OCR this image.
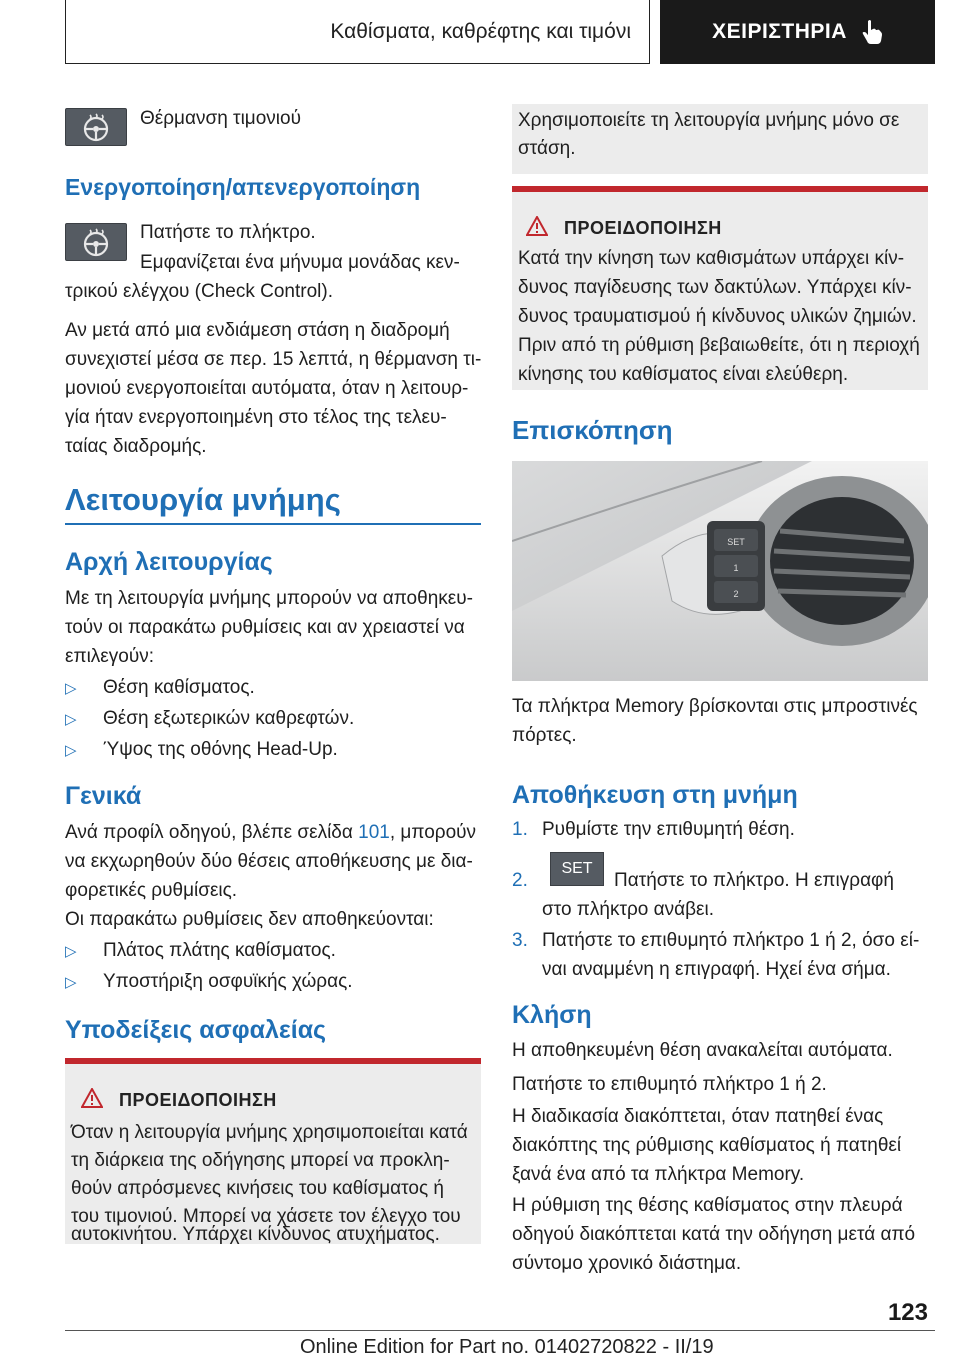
Καθίσματα, καθρέφτης και τιμόνι	ΧΕΙΡΙΣΤΗΡΙΑ

Θέρμανση τιμονιού

Ενεργοποίηση/απενεργοποίηση

Πατήστε το πλήκτρο.

Εμφανίζεται ένα μήνυμα μονάδας κεν‐

τρικού ελέγχου (Check Control).

Αν μετά από μια ενδιάμεση στάση η διαδρομή

συνεχιστεί μέσα σε περ. 15 λεπτά, η θέρμανση τι‐

μονιού ενεργοποιείται αυτόματα, όταν η λειτουρ‐

γία ήταν ενεργοποιημένη στο τέλος της τελευ‐

ταίας διαδρομής.

Λειτουργία μνήμης
Αρχή λειτουργίας

Με τη λειτουργία μνήμης μπορούν να αποθηκευ‐

τούν οι παρακάτω ρυθμίσεις και αν χρειαστεί να

επιλεγούν:

▷ Θέση καθίσματος.
▷ Θέση εξωτερικών καθρεφτών.
▷ Ύψος της οθόνης Head-Up.
Γενικά

Ανά προφίλ οδηγού, βλέπε σελίδα 101, μπορούν

να εκχωρηθούν δύο θέσεις αποθήκευσης με δια‐

φορετικές ρυθμίσεις.

Οι παρακάτω ρυθμίσεις δεν αποθηκεύονται:

▷ Πλάτος πλάτης καθίσματος.
▷ Υποστήριξη οσφυϊκής χώρας.
Υποδείξεις ασφαλείας
ΠΡΟΕΙΔΟΠΟΙΗΣΗ

Όταν η λειτουργία μνήμης χρησιμοποιείται κατά

τη διάρκεια της οδήγησης μπορεί να προκλη‐

θούν απρόσμενες κινήσεις του καθίσματος ή

του τιμονιού. Μπορεί να χάσετε τον έλεγχο του

αυτοκινήτου. Υπάρχει κίνδυνος ατυχήματος.

Χρησιμοποιείτε τη λειτουργία μνήμης μόνο σε

στάση.

ΠΡΟΕΙΔΟΠΟΙΗΣΗ

Κατά την κίνηση των καθισμάτων υπάρχει κίν‐

δυνος παγίδευσης των δακτύλων. Υπάρχει κίν‐

δυνος τραυματισμού ή κίνδυνος υλικών ζημιών.

Πριν από τη ρύθμιση βεβαιωθείτε, ότι η περιοχή

κίνησης του καθίσματος είναι ελεύθερη.

Επισκόπηση
SET
1
2

Τα πλήκτρα Memory βρίσκονται στις μπροστινές

πόρτες.

Αποθήκευση στη μνήμη

1. Ρυθμίστε την επιθυμητή θέση.

2.

SET

Πατήστε το πλήκτρο. Η επιγραφή

στο πλήκτρο ανάβει.

3. Πατήστε το επιθυμητό πλήκτρο 1 ή 2, όσο εί‐

ναι αναμμένη η επιγραφή. Ηχεί ένα σήμα.

Κλήση

Η αποθηκευμένη θέση ανακαλείται αυτόματα.

Πατήστε το επιθυμητό πλήκτρο 1 ή 2.

Η διαδικασία διακόπτεται, όταν πατηθεί ένας

διακόπτης της ρύθμισης καθίσματος ή πατηθεί

ξανά ένα από τα πλήκτρα Memory.

Η ρύθμιση της θέσης καθίσματος στην πλευρά

οδηγού διακόπτεται κατά την οδήγηση μετά από

σύντομο χρονικό διάστημα.

123
Online Edition for Part no. 01402720822 - II/19
